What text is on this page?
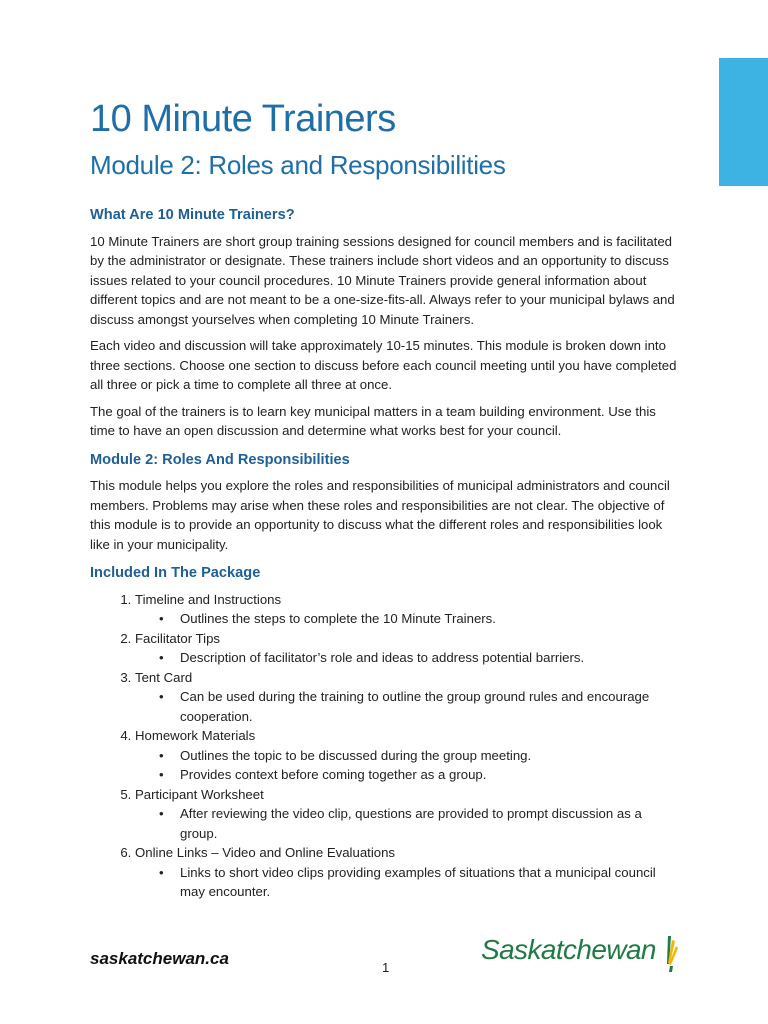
10 Minute Trainers
Module 2: Roles and Responsibilities
What Are 10 Minute Trainers?

10 Minute Trainers are short group training sessions designed for council members and is facilitated by the administrator or designate. These trainers include short videos and an opportunity to discuss issues related to your council procedures. 10 Minute Trainers provide general information about different topics and are not meant to be a one-size-fits-all. Always refer to your municipal bylaws and discuss amongst yourselves when completing 10 Minute Trainers.

Each video and discussion will take approximately 10-15 minutes. This module is broken down into three sections. Choose one section to discuss before each council meeting until you have completed all three or pick a time to complete all three at once.

The goal of the trainers is to learn key municipal matters in a team building environment. Use this time to have an open discussion and determine what works best for your council.

Module 2: Roles And Responsibilities

This module helps you explore the roles and responsibilities of municipal administrators and council members. Problems may arise when these roles and responsibilities are not clear. The objective of this module is to provide an opportunity to discuss what the different roles and responsibilities look like in your municipality.

Included In The Package
1. Timeline and Instructions
• Outlines the steps to complete the 10 Minute Trainers.
2. Facilitator Tips
• Description of facilitator’s role and ideas to address potential barriers.
3. Tent Card
• Can be used during the training to outline the group ground rules and encourage cooperation.
4. Homework Materials
• Outlines the topic to be discussed during the group meeting.
• Provides context before coming together as a group.
5. Participant Worksheet
• After reviewing the video clip, questions are provided to prompt discussion as a group.
6. Online Links – Video and Online Evaluations
• Links to short video clips providing examples of situations that a municipal council may encounter.
saskatchewan.ca	1
Saskatchewan
